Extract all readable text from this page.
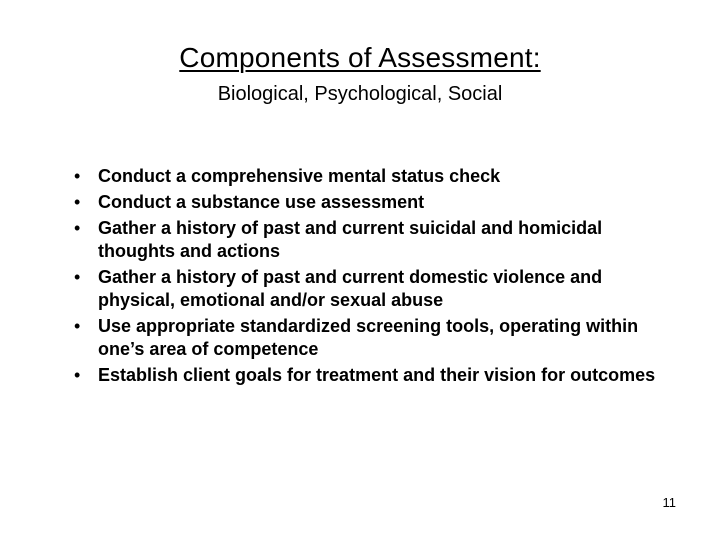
Components of Assessment:
Biological, Psychological, Social
• Conduct a comprehensive mental status check
• Conduct a substance use assessment
• Gather a history of past and current suicidal and homicidal thoughts and actions
• Gather a history of past and current domestic violence and physical, emotional and/or sexual abuse
• Use appropriate standardized screening tools, operating within one’s area of competence
• Establish client goals for treatment and their vision for outcomes
11
